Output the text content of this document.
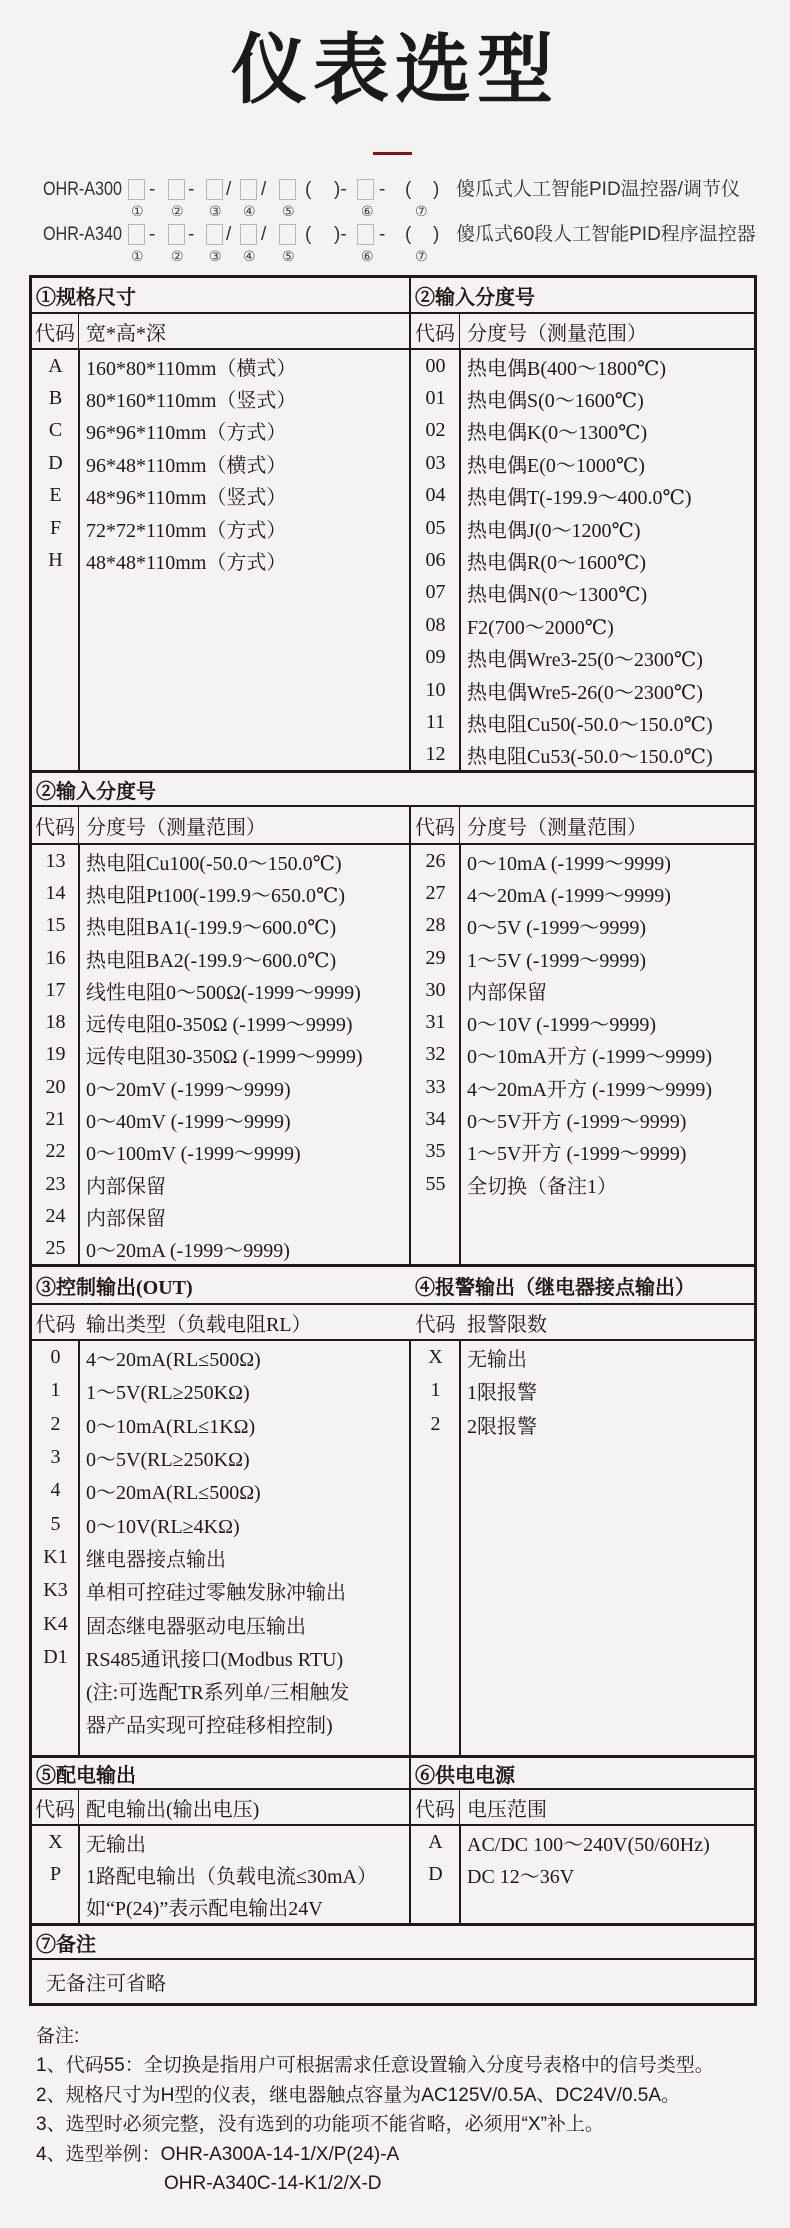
仪表选型
OHR-A300	傻瓜式人工智能PID温控器/调节仪
- - / / ( )- - ( )
① ② ③ ④ ⑤	⑥	⑦
OHR-A340	傻瓜式60段人工智能PID程序温控器
- - / / ( )- - ( )
① ② ③ ④ ⑤	⑥	⑦
①规格尺寸	②输入分度号
代码 宽*高*深	代码 分度号（测量范围）
A	160*80*110mm（横式）
B	80*160*110mm（竖式）
C	96*96*110mm（方式）
D	96*48*110mm（横式）
E	48*96*110mm（竖式）
F	72*72*110mm（方式）
H	48*48*110mm（方式）
00	热电偶B(400～1800℃)
01	热电偶S(0～1600℃)
02	热电偶K(0～1300℃)
03	热电偶E(0～1000℃)
04	热电偶T(-199.9～400.0℃)
05	热电偶J(0～1200℃)
06	热电偶R(0～1600℃)
07	热电偶N(0～1300℃)
08	F2(700～2000℃)
09	热电偶Wre3-25(0～2300℃)
10	热电偶Wre5-26(0～2300℃)
11	热电阻Cu50(-50.0～150.0℃)
12	热电阻Cu53(-50.0～150.0℃)
②输入分度号
代码 分度号（测量范围）	代码 分度号（测量范围）
13	热电阻Cu100(-50.0～150.0℃)
14	热电阻Pt100(-199.9～650.0℃)
15	热电阻BA1(-199.9～600.0℃)
16	热电阻BA2(-199.9～600.0℃)
17	线性电阻0～500Ω(-1999～9999)
18	远传电阻0-350Ω (-1999～9999)
19	远传电阻30-350Ω (-1999～9999)
20	0～20mV (-1999～9999)
21	0～40mV (-1999～9999)
22	0～100mV (-1999～9999)
23	内部保留
24	内部保留
25	0～20mA (-1999～9999)
26	0～10mA (-1999～9999)
27	4～20mA (-1999～9999)
28	0～5V (-1999～9999)
29	1～5V (-1999～9999)
30	内部保留
31	0～10V (-1999～9999)
32	0～10mA开方 (-1999～9999)
33	4～20mA开方 (-1999～9999)
34	0～5V开方 (-1999～9999)
35	1～5V开方 (-1999～9999)
55	全切换（备注1）
③控制输出(OUT)	④报警输出（继电器接点输出）
代码 输出类型（负载电阻RL）	代码 报警限数
0	4～20mA(RL≤500Ω)
1	1～5V(RL≥250KΩ)
2	0～10mA(RL≤1KΩ)
3	0～5V(RL≥250KΩ)
4	0～20mA(RL≤500Ω)
5	0～10V(RL≥4KΩ)
K1 继电器接点输出
K3 单相可控硅过零触发脉冲输出
K4 固态继电器驱动电压输出
D1 RS485通讯接口(Modbus RTU)
(注:可选配TR系列单/三相触发
器产品实现可控硅移相控制)
X	无输出
1	1限报警
2	2限报警
⑤配电输出	⑥供电电源
代码 配电输出(输出电压)	代码 电压范围
X	无输出
P	1路配电输出（负载电流≤30mA）
如“P(24)”表示配电输出24V
A	AC/DC 100～240V(50/60Hz)
D	DC 12～36V
⑦备注
无备注可省略
备注:
1、代码55：全切换是指用户可根据需求任意设置输入分度号表格中的信号类型。
2、规格尺寸为H型的仪表，继电器触点容量为AC125V/0.5A、DC24V/0.5A。
3、选型时必须完整，没有选到的功能项不能省略，必须用“X”补上。
4、选型举例：OHR-A300A-14-1/X/P(24)-A
OHR-A340C-14-K1/2/X-D
